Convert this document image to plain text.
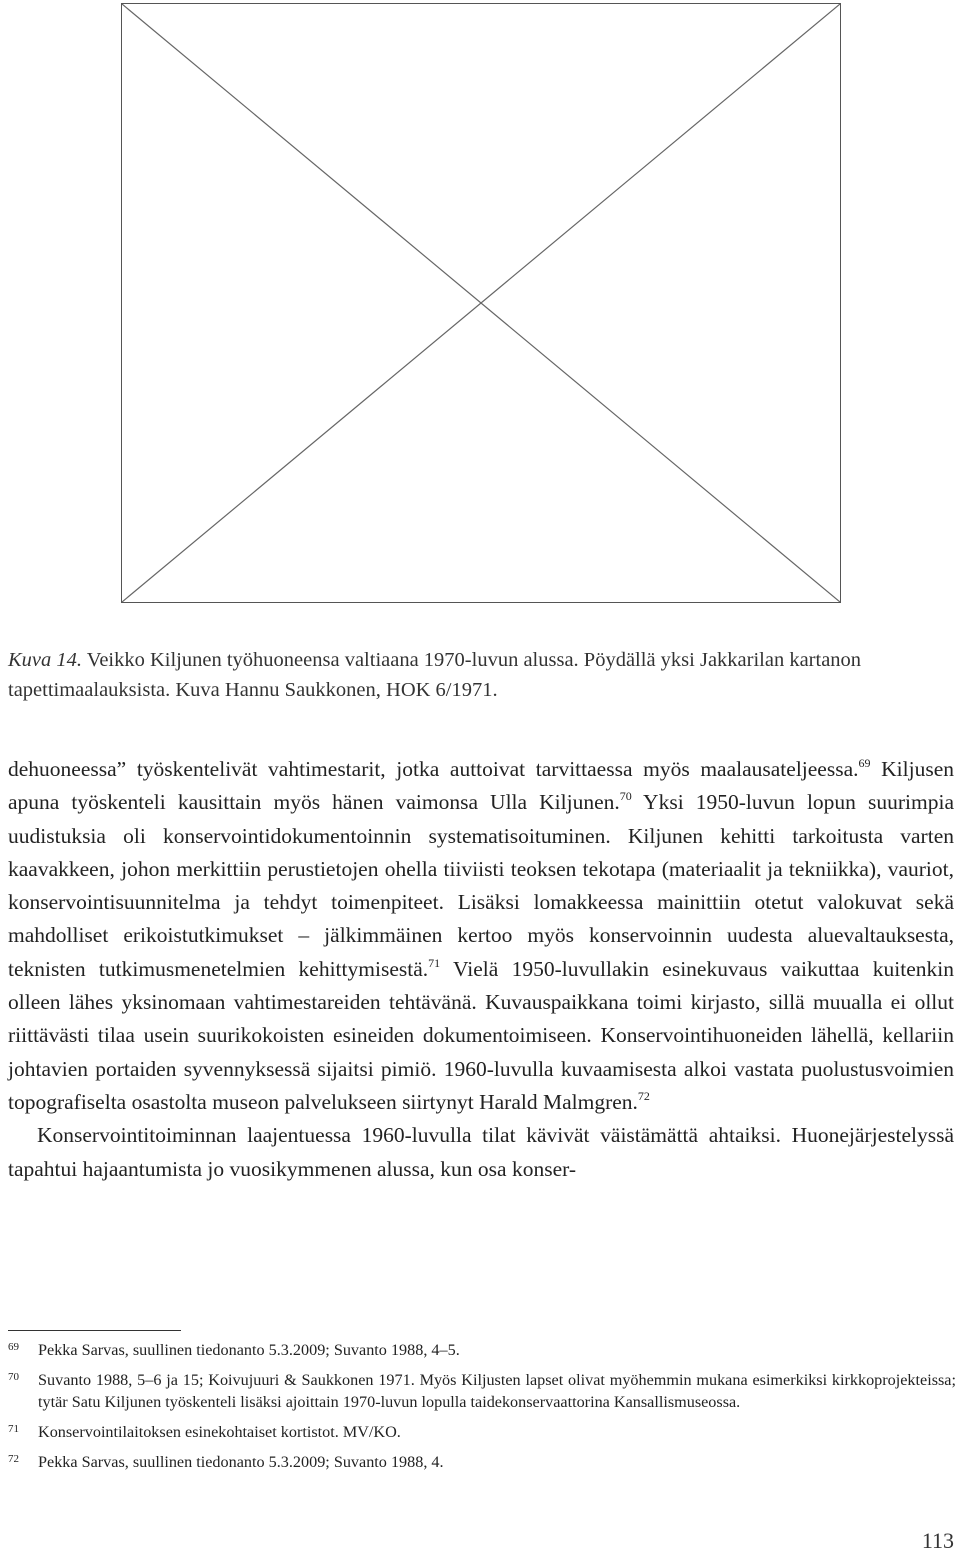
Kuva 14. Veikko Kiljunen työhuoneensa valtiaana 1970-luvun alussa. Pöydällä yksi Jakkarilan kartanon tapettimaalauksista. Kuva Hannu Saukkonen, HOK 6/1971.

dehuoneessa” työskentelivät vahtimestarit, jotka auttoivat tarvittaessa myös maalausateljeessa.$^{69}$ Kiljusen apuna työskenteli kausittain myös hänen vaimonsa Ulla Kiljunen.$^{70}$ Yksi 1950-luvun lopun suurimpia uudistuksia oli konservointidokumentoinnin systematisoituminen. Kiljunen kehitti tarkoitusta varten kaavakkeen, johon merkittiin perustietojen ohella tiiviisti teoksen tekotapa (materiaalit ja tekniikka), vauriot, konservointisuunnitelma ja tehdyt toimenpiteet. Lisäksi lomakkeessa mainittiin otetut valokuvat sekä mahdolliset erikoistutkimukset – jälkimmäinen kertoo myös konservoinnin uudesta aluevaltauksesta, teknisten tutkimusmenetelmien kehittymisestä.$^{71}$ Vielä 1950-luvullakin esinekuvaus vaikuttaa kuitenkin olleen lähes yksinomaan vahtimestareiden tehtävänä. Kuvauspaikkana toimi kirjasto, sillä muualla ei ollut riittävästi tilaa usein suurikokoisten esineiden dokumentoimiseen. Konservointihuoneiden lähellä, kellariin johtavien portaiden syvennyksessä sijaitsi pimiö. 1960-luvulla kuvaamisesta alkoi vastata puolustusvoimien topografiselta osastolta museon palvelukseen siirtynyt Harald Malmgren.$^{72}$

Konservointitoiminnan laajentuessa 1960-luvulla tilat kävivät väistämättä ahtaiksi. Huonejärjestelyssä tapahtui hajaantumista jo vuosikymmenen alussa, kun osa konser-

69 Pekka Sarvas, suullinen tiedonanto 5.3.2009; Suvanto 1988, 4–5.
70 Suvanto 1988, 5–6 ja 15; Koivujuuri & Saukkonen 1971. Myös Kiljusten lapset olivat myöhemmin mukana esimerkiksi kirkkoprojekteissa; tytär Satu Kiljunen työskenteli lisäksi ajoittain 1970-luvun lopulla taidekonservaattorina Kansallismuseossa.
71 Konservointilaitoksen esinekohtaiset kortistot. MV/KO.
72 Pekka Sarvas, suullinen tiedonanto 5.3.2009; Suvanto 1988, 4.
113
